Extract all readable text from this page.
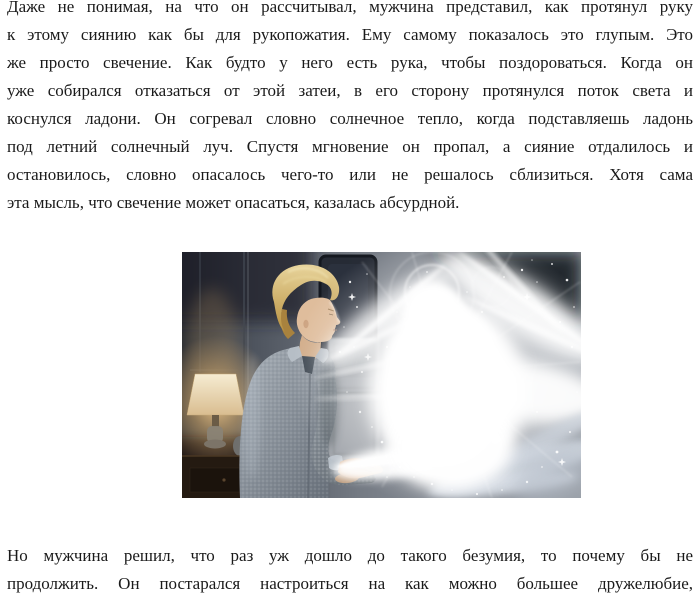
Даже не понимая, на что он рассчитывал, мужчина представил, как протянул руку
к этому сиянию как бы для рукопожатия. Ему самому показалось это глупым. Это
же просто свечение. Как будто у него есть рука, чтобы поздороваться. Когда он
уже собирался отказаться от этой затеи, в его сторону протянулся поток света и
коснулся ладони. Он согревал словно солнечное тепло, когда подставляешь ладонь
под летний солнечный луч. Спустя мгновение он пропал, а сияние отдалилось и
остановилось, словно опасалось чего-то или не решалось сблизиться. Хотя сама
эта мысль, что свечение может опасаться, казалась абсурдной.
Но мужчина решил, что раз уж дошло до такого безумия, то почему бы не
продолжить. Он постарался настроиться на как можно большее дружелюбие,
